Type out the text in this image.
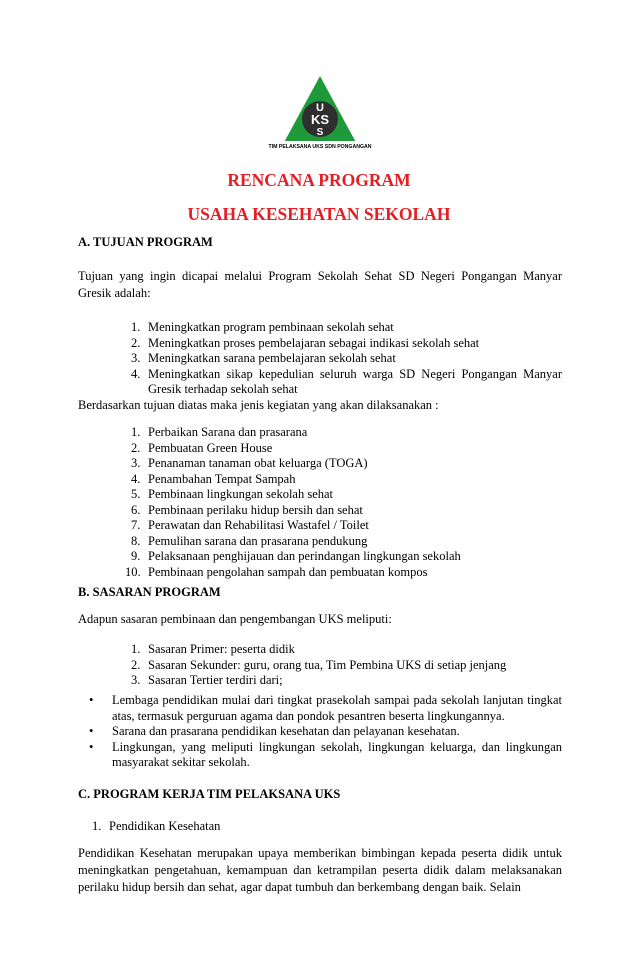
U
KS
S
TIM PELAKSANA UKS SDN PONGANGAN
RENCANA PROGRAM
USAHA KESEHATAN SEKOLAH
A. TUJUAN PROGRAM
Tujuan yang ingin dicapai melalui Program Sekolah Sehat SD Negeri Pongangan Manyar Gresik adalah:
1. Meningkatkan program pembinaan sekolah sehat
2. Meningkatkan proses pembelajaran sebagai indikasi sekolah sehat
3. Meningkatkan sarana pembelajaran sekolah sehat
4. Meningkatkan sikap kepedulian seluruh warga SD Negeri Pongangan Manyar Gresik terhadap sekolah sehat
Berdasarkan tujuan diatas maka jenis kegiatan yang akan dilaksanakan :
1. Perbaikan Sarana dan prasarana
2. Pembuatan Green House
3. Penanaman tanaman obat keluarga (TOGA)
4. Penambahan Tempat Sampah
5. Pembinaan lingkungan sekolah sehat
6. Pembinaan perilaku hidup bersih dan sehat
7. Perawatan dan Rehabilitasi Wastafel / Toilet
8. Pemulihan sarana dan prasarana pendukung
9. Pelaksanaan penghijauan dan perindangan lingkungan sekolah
10. Pembinaan pengolahan sampah dan pembuatan kompos
B. SASARAN PROGRAM
Adapun sasaran pembinaan dan pengembangan UKS meliputi:
1. Sasaran Primer: peserta didik
2. Sasaran Sekunder: guru, orang tua, Tim Pembina UKS di setiap jenjang
3. Sasaran Tertier terdiri dari;
• Lembaga pendidikan mulai dari tingkat prasekolah sampai pada sekolah lanjutan tingkat atas, termasuk perguruan agama dan pondok pesantren beserta lingkungannya.
• Sarana dan prasarana pendidikan kesehatan dan pelayanan kesehatan.
• Lingkungan, yang meliputi lingkungan sekolah, lingkungan keluarga, dan lingkungan masyarakat sekitar sekolah.
C. PROGRAM KERJA TIM PELAKSANA UKS
1. Pendidikan Kesehatan
Pendidikan Kesehatan merupakan upaya memberikan bimbingan kepada peserta didik untuk meningkatkan pengetahuan, kemampuan dan ketrampilan peserta didik dalam melaksanakan perilaku hidup bersih dan sehat, agar dapat tumbuh dan berkembang dengan baik. Selain
